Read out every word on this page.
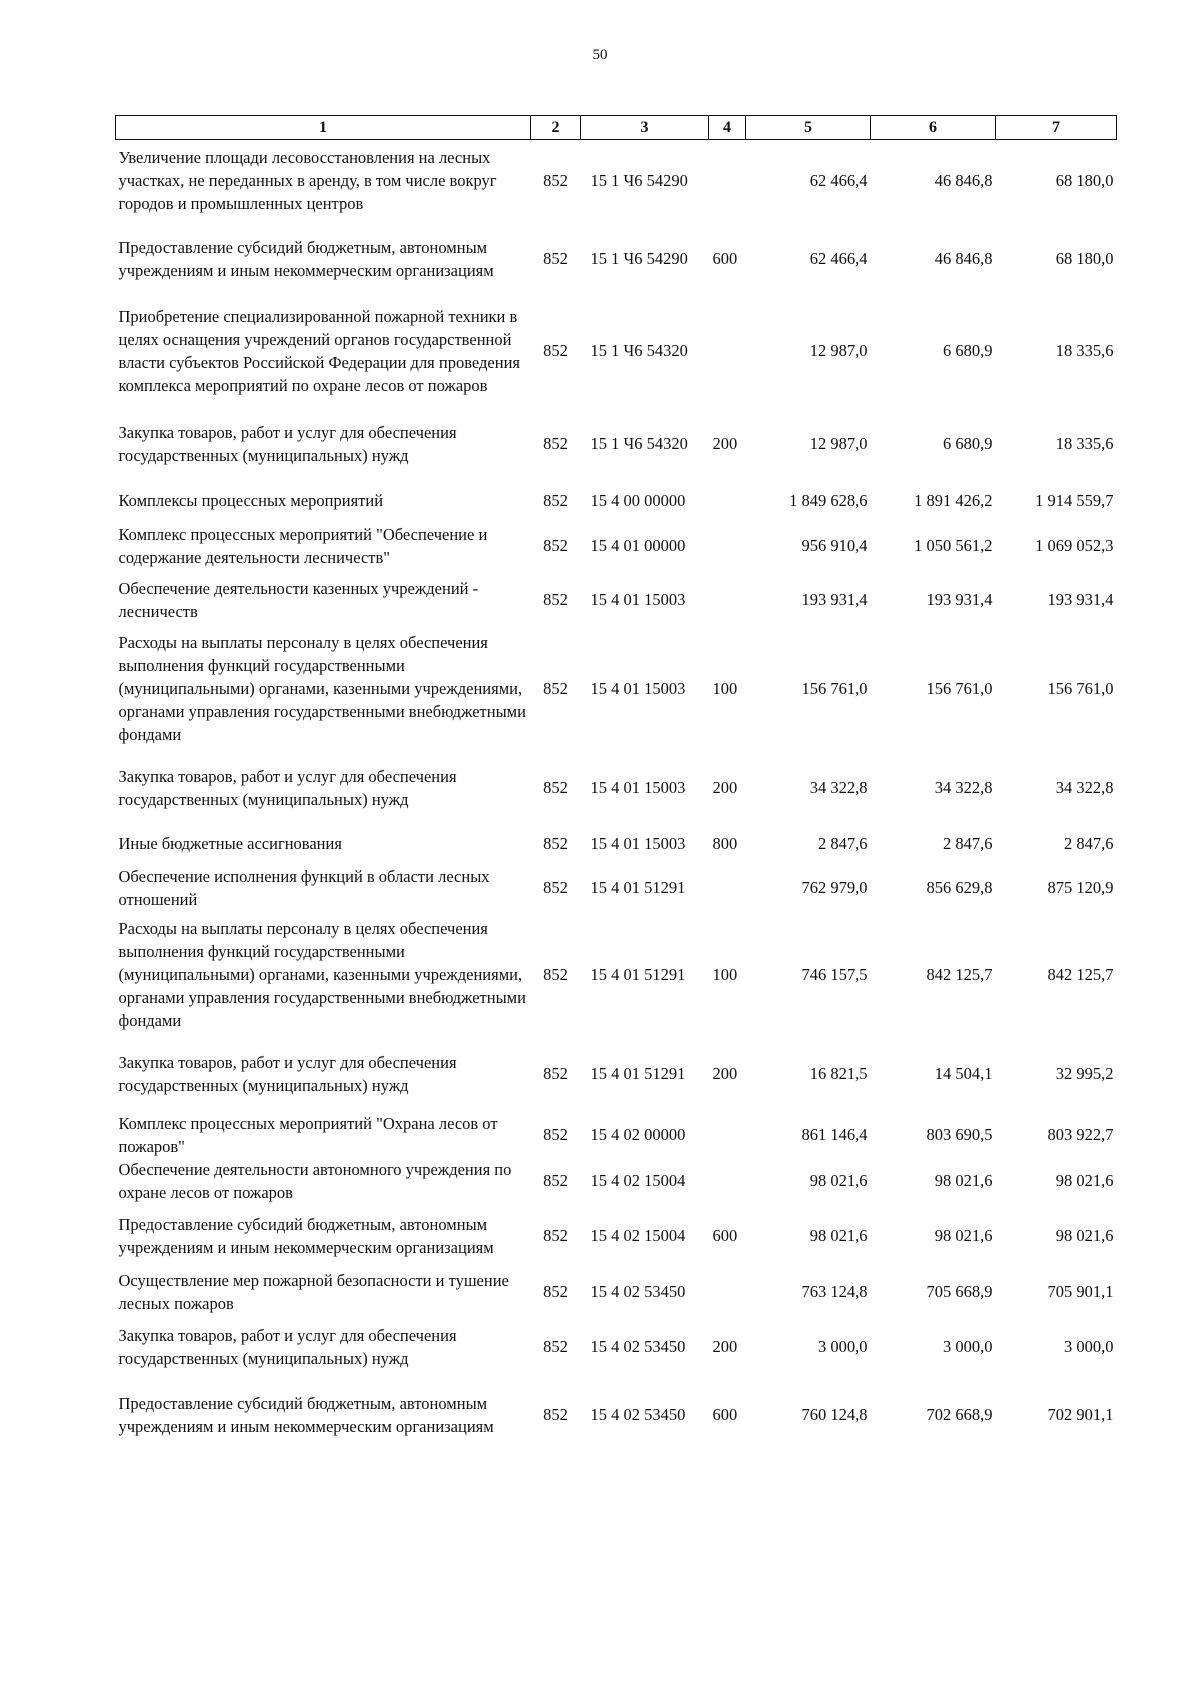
50
1	2	3	4	5	6	7
Увеличение площади лесовосстановления на лесных участках, не переданных в аренду, в том числе вокруг городов и промышленных центров	852	15 1 Ч6 54290		62 466,4	46 846,8	68 180,0
Предоставление субсидий бюджетным, автономным учреждениям и иным некоммерческим организациям	852	15 1 Ч6 54290	600	62 466,4	46 846,8	68 180,0
Приобретение специализированной пожарной техники в целях оснащения учреждений органов государственной власти субъектов Российской Федерации для проведения комплекса мероприятий по охране лесов от пожаров	852	15 1 Ч6 54320		12 987,0	6 680,9	18 335,6
Закупка товаров, работ и услуг для обеспечения государственных (муниципальных) нужд	852	15 1 Ч6 54320	200	12 987,0	6 680,9	18 335,6
Комплексы процессных мероприятий	852	15 4 00 00000		1 849 628,6	1 891 426,2	1 914 559,7
Комплекс процессных мероприятий "Обеспечение и содержание деятельности лесничеств"	852	15 4 01 00000		956 910,4	1 050 561,2	1 069 052,3
Обеспечение деятельности казенных учреждений - лесничеств	852	15 4 01 15003		193 931,4	193 931,4	193 931,4
Расходы на выплаты персоналу в целях обеспечения выполнения функций государственными (муниципальными) органами, казенными учреждениями, органами управления государственными внебюджетными фондами	852	15 4 01 15003	100	156 761,0	156 761,0	156 761,0
Закупка товаров, работ и услуг для обеспечения государственных (муниципальных) нужд	852	15 4 01 15003	200	34 322,8	34 322,8	34 322,8
Иные бюджетные ассигнования	852	15 4 01 15003	800	2 847,6	2 847,6	2 847,6
Обеспечение исполнения функций в области лесных отношений	852	15 4 01 51291		762 979,0	856 629,8	875 120,9
Расходы на выплаты персоналу в целях обеспечения выполнения функций государственными (муниципальными) органами, казенными учреждениями, органами управления государственными внебюджетными фондами	852	15 4 01 51291	100	746 157,5	842 125,7	842 125,7
Закупка товаров, работ и услуг для обеспечения государственных (муниципальных) нужд	852	15 4 01 51291	200	16 821,5	14 504,1	32 995,2
Комплекс процессных мероприятий "Охрана лесов от пожаров"	852	15 4 02 00000		861 146,4	803 690,5	803 922,7
Обеспечение деятельности автономного учреждения по охране лесов от пожаров	852	15 4 02 15004		98 021,6	98 021,6	98 021,6
Предоставление субсидий бюджетным, автономным учреждениям и иным некоммерческим организациям	852	15 4 02 15004	600	98 021,6	98 021,6	98 021,6
Осуществление мер пожарной безопасности и тушение лесных пожаров	852	15 4 02 53450		763 124,8	705 668,9	705 901,1
Закупка товаров, работ и услуг для обеспечения государственных (муниципальных) нужд	852	15 4 02 53450	200	3 000,0	3 000,0	3 000,0
Предоставление субсидий бюджетным, автономным учреждениям и иным некоммерческим организациям	852	15 4 02 53450	600	760 124,8	702 668,9	702 901,1
